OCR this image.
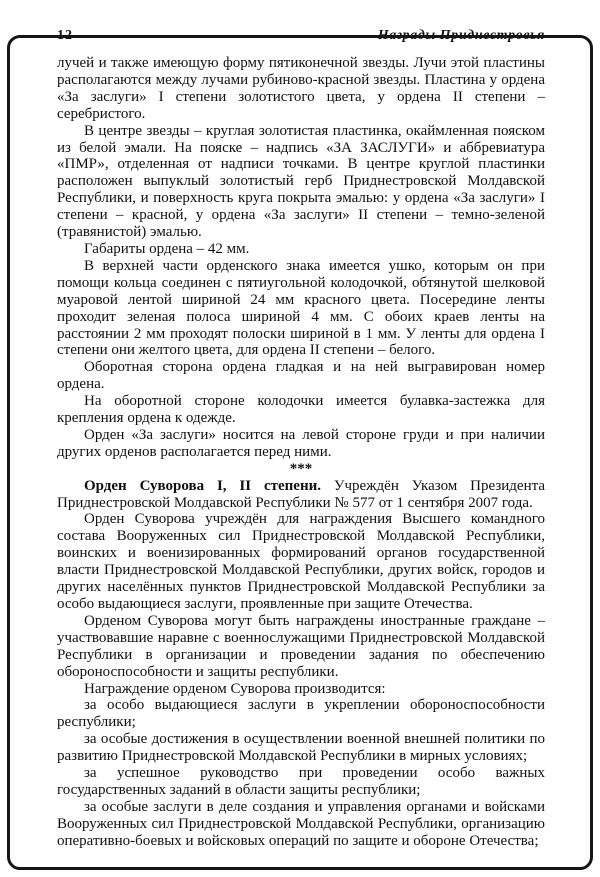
12	Награды Приднестровья

лучей и также имеющую форму пятиконечной звезды. Лучи этой пластины располагаются между лучами рубиново-красной звезды. Пластина у ордена «За заслуги» I степени золотистого цвета, у ордена II степени – серебристого.

В центре звезды – круглая золотистая пластинка, окаймленная пояском из белой эмали. На пояске – надпись «ЗА ЗАСЛУГИ» и аббревиатура «ПМР», отделенная от надписи точками. В центре круглой пластинки расположен выпуклый золотистый герб Приднестровской Молдавской Республики, и поверхность круга покрыта эмалью: у ордена «За заслуги» I степени – красной, у ордена «За заслуги» II степени – темно-зеленой (травянистой) эмалью.

Габариты ордена – 42 мм.

В верхней части орденского знака имеется ушко, которым он при помощи кольца соединен с пятиугольной колодочкой, обтянутой шелковой муаровой лентой шириной 24 мм красного цвета. Посередине ленты проходит зеленая полоса шириной 4 мм. С обоих краев ленты на расстоянии 2 мм проходят полоски шириной в 1 мм. У ленты для ордена I степени они желтого цвета, для ордена II степени – белого.

Оборотная сторона ордена гладкая и на ней выгравирован номер ордена.

На оборотной стороне колодочки имеется булавка-застежка для крепления ордена к одежде.

Орден «За заслуги» носится на левой стороне груди и при наличии других орденов располагается перед ними.

***

Орден Суворова I, II степени. Учреждён Указом Президента Приднестровской Молдавской Республики № 577 от 1 сентября 2007 года.

Орден Суворова учреждён для награждения Высшего командного состава Вооруженных сил Приднестровской Молдавской Республики, воинских и военизированных формирований органов государственной власти Приднестровской Молдавской Республики, других войск, городов и других населённых пунктов Приднестровской Молдавской Республики за особо выдающиеся заслуги, проявленные при защите Отечества.

Орденом Суворова могут быть награждены иностранные граждане – участвовавшие наравне с военнослужащими Приднестровской Молдавской Республики в организации и проведении задания по обеспечению обороноспособности и защиты республики.

Награждение орденом Суворова производится:

за особо выдающиеся заслуги в укреплении обороноспособности республики;

за особые достижения в осуществлении военной внешней политики по развитию Приднестровской Молдавской Республики в мирных условиях;

за успешное руководство при проведении особо важных государственных заданий в области защиты республики;

за особые заслуги в деле создания и управления органами и войсками Вооруженных сил Приднестровской Молдавской Республики, организацию оперативно-боевых и войсковых операций по защите и обороне Отечества;
